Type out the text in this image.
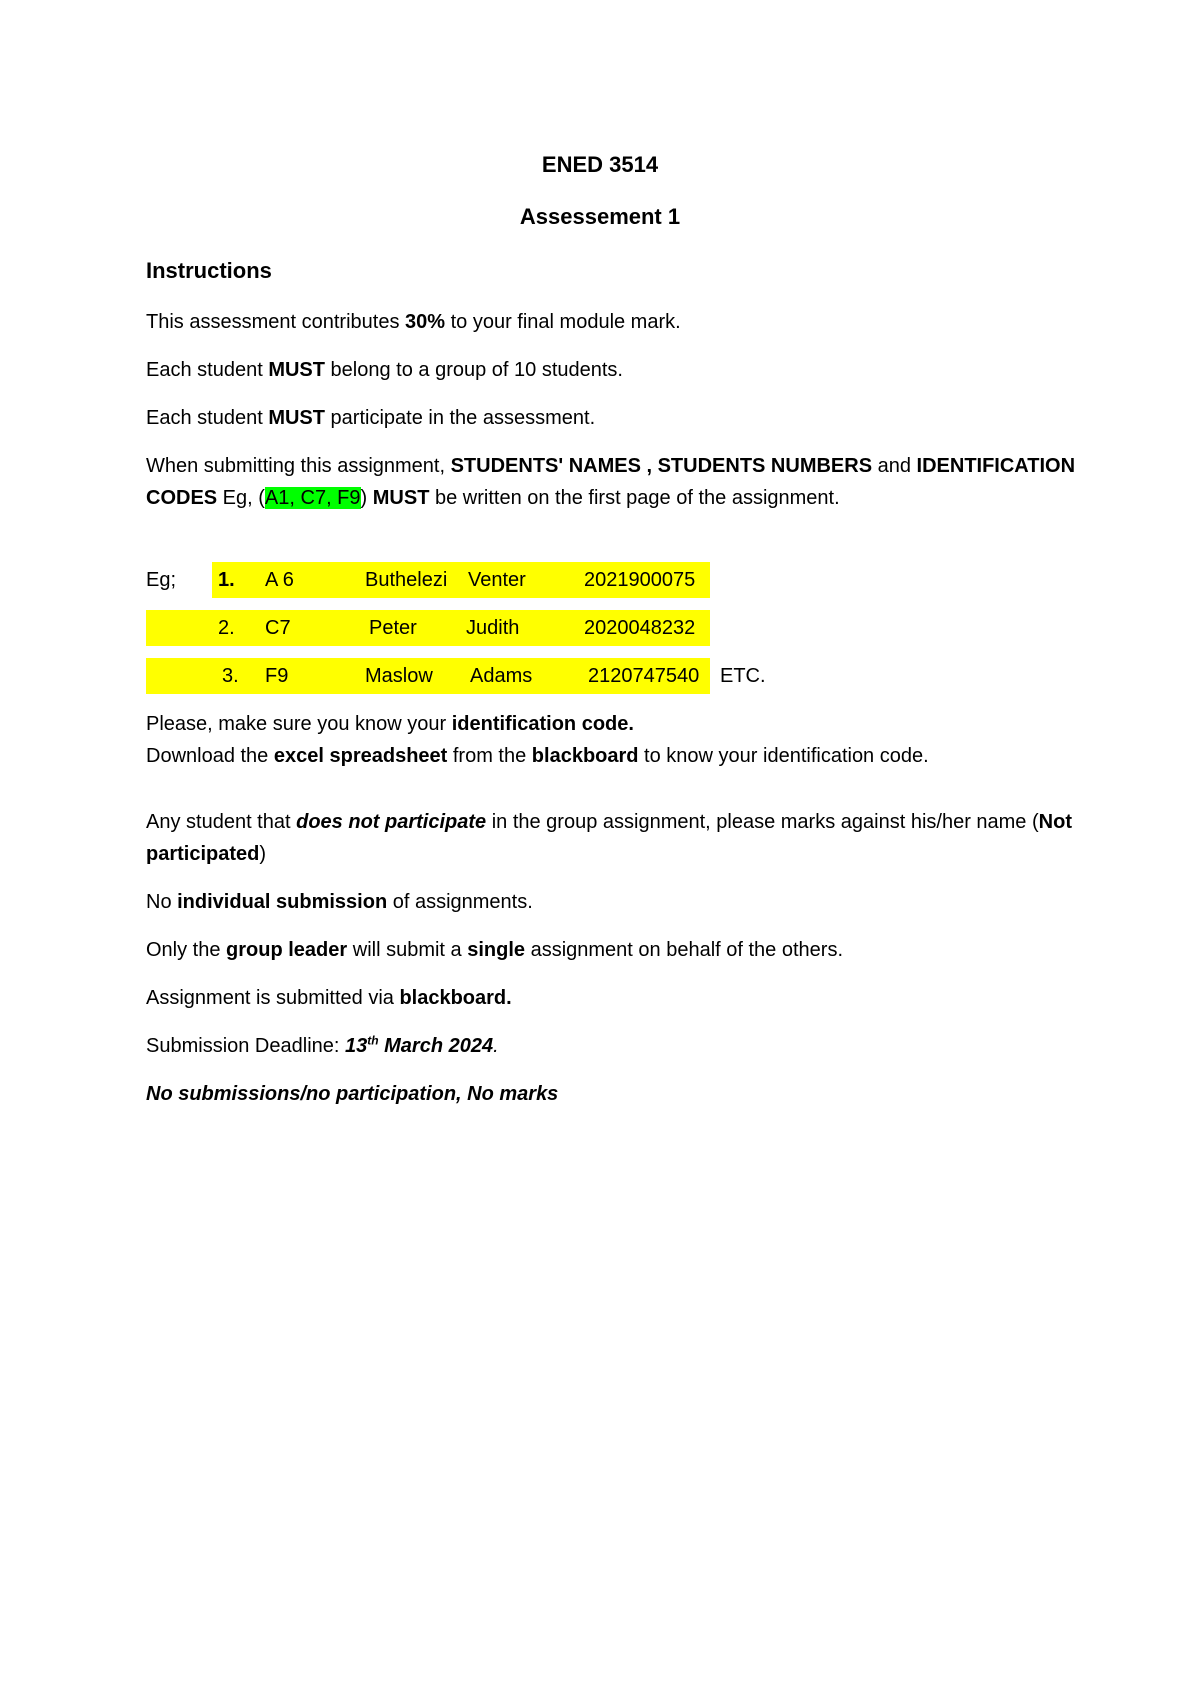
ENED 3514
Assessement 1
Instructions
This assessment contributes 30% to your final module mark.
Each student MUST belong to a group of 10 students.
Each student MUST participate in the assessment.
When submitting this assignment, STUDENTS' NAMES , STUDENTS NUMBERS and IDENTIFICATION CODES Eg, (A1, C7, F9) MUST be written on the first page of the assignment.
Eg; 1. A 6	Buthelezi Venter	2021900075
2. C7	Peter Judith	2020048232
3. F9	Maslow Adams	2120747540 ETC.
Please, make sure you know your identification code.
Download the excel spreadsheet from the blackboard to know your identification code.
Any student that does not participate in the group assignment, please marks against his/her name (Not participated)
No individual submission of assignments.
Only the group leader will submit a single assignment on behalf of the others.
Assignment is submitted via blackboard.
Submission Deadline: 13th March 2024.
No submissions/no participation, No marks
